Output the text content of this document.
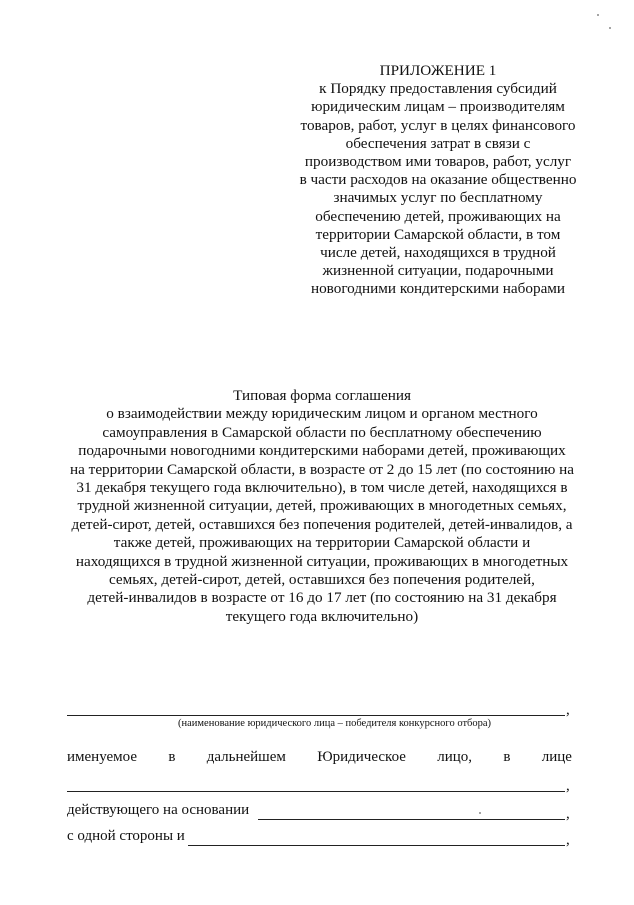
ПРИЛОЖЕНИЕ 1
к Порядку предоставления субсидий
юридическим лицам – производителям
товаров, работ, услуг в целях финансового
обеспечения затрат в связи с
производством ими товаров, работ, услуг
в части расходов на оказание общественно
значимых услуг по бесплатному
обеспечению детей, проживающих на
территории Самарской области, в том
числе детей, находящихся в трудной
жизненной ситуации, подарочными
новогодними кондитерскими наборами
Типовая форма соглашения
о взаимодействии между юридическим лицом и органом местного
самоуправления в Самарской области по бесплатному обеспечению
подарочными новогодними кондитерскими наборами детей, проживающих
на территории Самарской области, в возрасте от 2 до 15 лет (по состоянию на
31 декабря текущего года включительно), в том числе детей, находящихся в
трудной жизненной ситуации, детей, проживающих в многодетных семьях,
детей-сирот, детей, оставшихся без попечения родителей, детей-инвалидов, а
также детей, проживающих на территории Самарской области и
находящихся в трудной жизненной ситуации, проживающих в многодетных
семьях, детей-сирот, детей, оставшихся без попечения родителей,
детей-инвалидов в возрасте от 16 до 17 лет (по состоянию на 31 декабря
текущего года включительно)
,
(наименование юридического лица – победителя конкурсного отбора)
именуемое в дальнейшем Юридическое лицо, в лице
,
действующего на основании	,
с одной стороны и	,
